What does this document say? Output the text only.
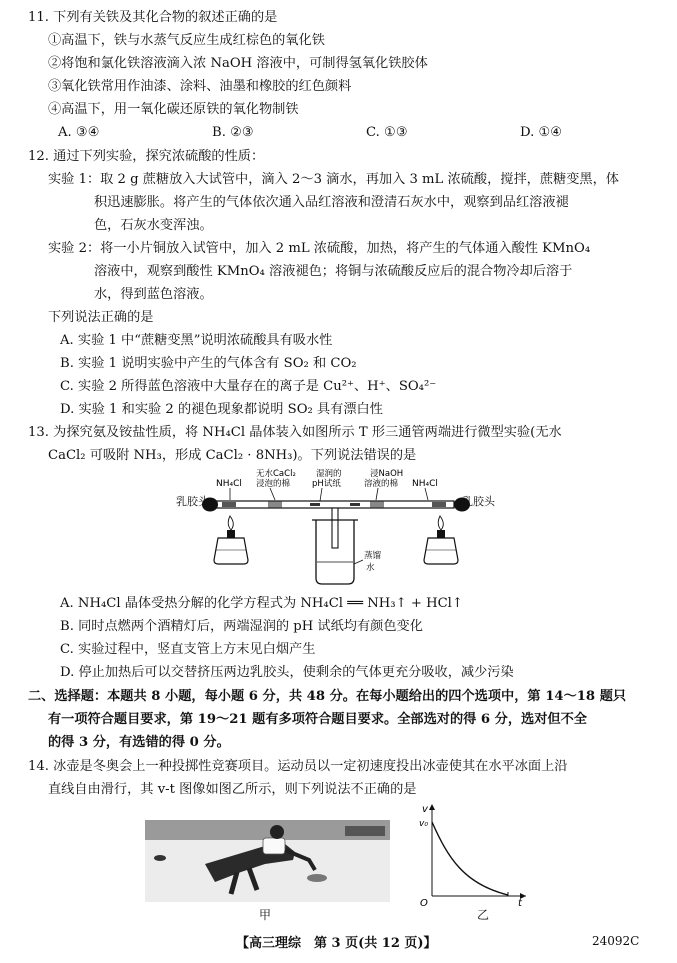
11. 下列有关铁及其化合物的叙述正确的是
①高温下，铁与水蒸气反应生成红棕色的氧化铁
②将饱和氯化铁溶液滴入浓 NaOH 溶液中，可制得氢氧化铁胶体
③氧化铁常用作油漆、涂料、油墨和橡胶的红色颜料
④高温下，用一氧化碳还原铁的氧化物制铁
A. ③④	B. ②③	C. ①③	D. ①④
12. 通过下列实验，探究浓硫酸的性质：
实验 1：取 2 g 蔗糖放入大试管中，滴入 2～3 滴水，再加入 3 mL 浓硫酸，搅拌，蔗糖变黑，体
积迅速膨胀。将产生的气体依次通入品红溶液和澄清石灰水中，观察到品红溶液褪
色，石灰水变浑浊。
实验 2：将一小片铜放入试管中，加入 2 mL 浓硫酸，加热，将产生的气体通入酸性 KMnO₄
溶液中，观察到酸性 KMnO₄ 溶液褪色；将铜与浓硫酸反应后的混合物冷却后溶于
水，得到蓝色溶液。
下列说法正确的是
A. 实验 1 中“蔗糖变黑”说明浓硫酸具有吸水性
B. 实验 1 说明实验中产生的气体含有 SO₂ 和 CO₂
C. 实验 2 所得蓝色溶液中大量存在的离子是 Cu²⁺、H⁺、SO₄²⁻
D. 实验 1 和实验 2 的褪色现象都说明 SO₂ 具有漂白性
13. 为探究氨及铵盐性质，将 NH₄Cl 晶体装入如图所示 T 形三通管两端进行微型实验(无水
CaCl₂ 可吸附 NH₃，形成 CaCl₂ · 8NH₃)。下列说法错误的是
NH₄Cl
无水CaCl₂
浸泡的棉
湿润的
pH试纸
浸NaOH
溶液的棉 NH₄Cl
蒸馏
水
乳胶头	乳胶头
A. NH₄Cl 晶体受热分解的化学方程式为 NH₄Cl ══ NH₃↑ + HCl↑
B. 同时点燃两个酒精灯后，两端湿润的 pH 试纸均有颜色变化
C. 实验过程中，竖直支管上方末见白烟产生
D. 停止加热后可以交替挤压两边乳胶头，使剩余的气体更充分吸收，减少污染
二、选择题：本题共 8 小题，每小题 6 分，共 48 分。在每小题给出的四个选项中，第 14～18 题只
有一项符合题目要求，第 19～21 题有多项符合题目要求。全部选对的得 6 分，选对但不全
的得 3 分，有选错的得 0 分。
14. 冰壶是冬奥会上一种投掷性竞赛项目。运动员以一定初速度投出冰壶使其在水平冰面上沿
直线自由滑行，其 v-t 图像如图乙所示，则下列说法不正确的是
甲
v
v₀
O	t
乙
【高三理综　第 3 页(共 12 页)】	24092C
